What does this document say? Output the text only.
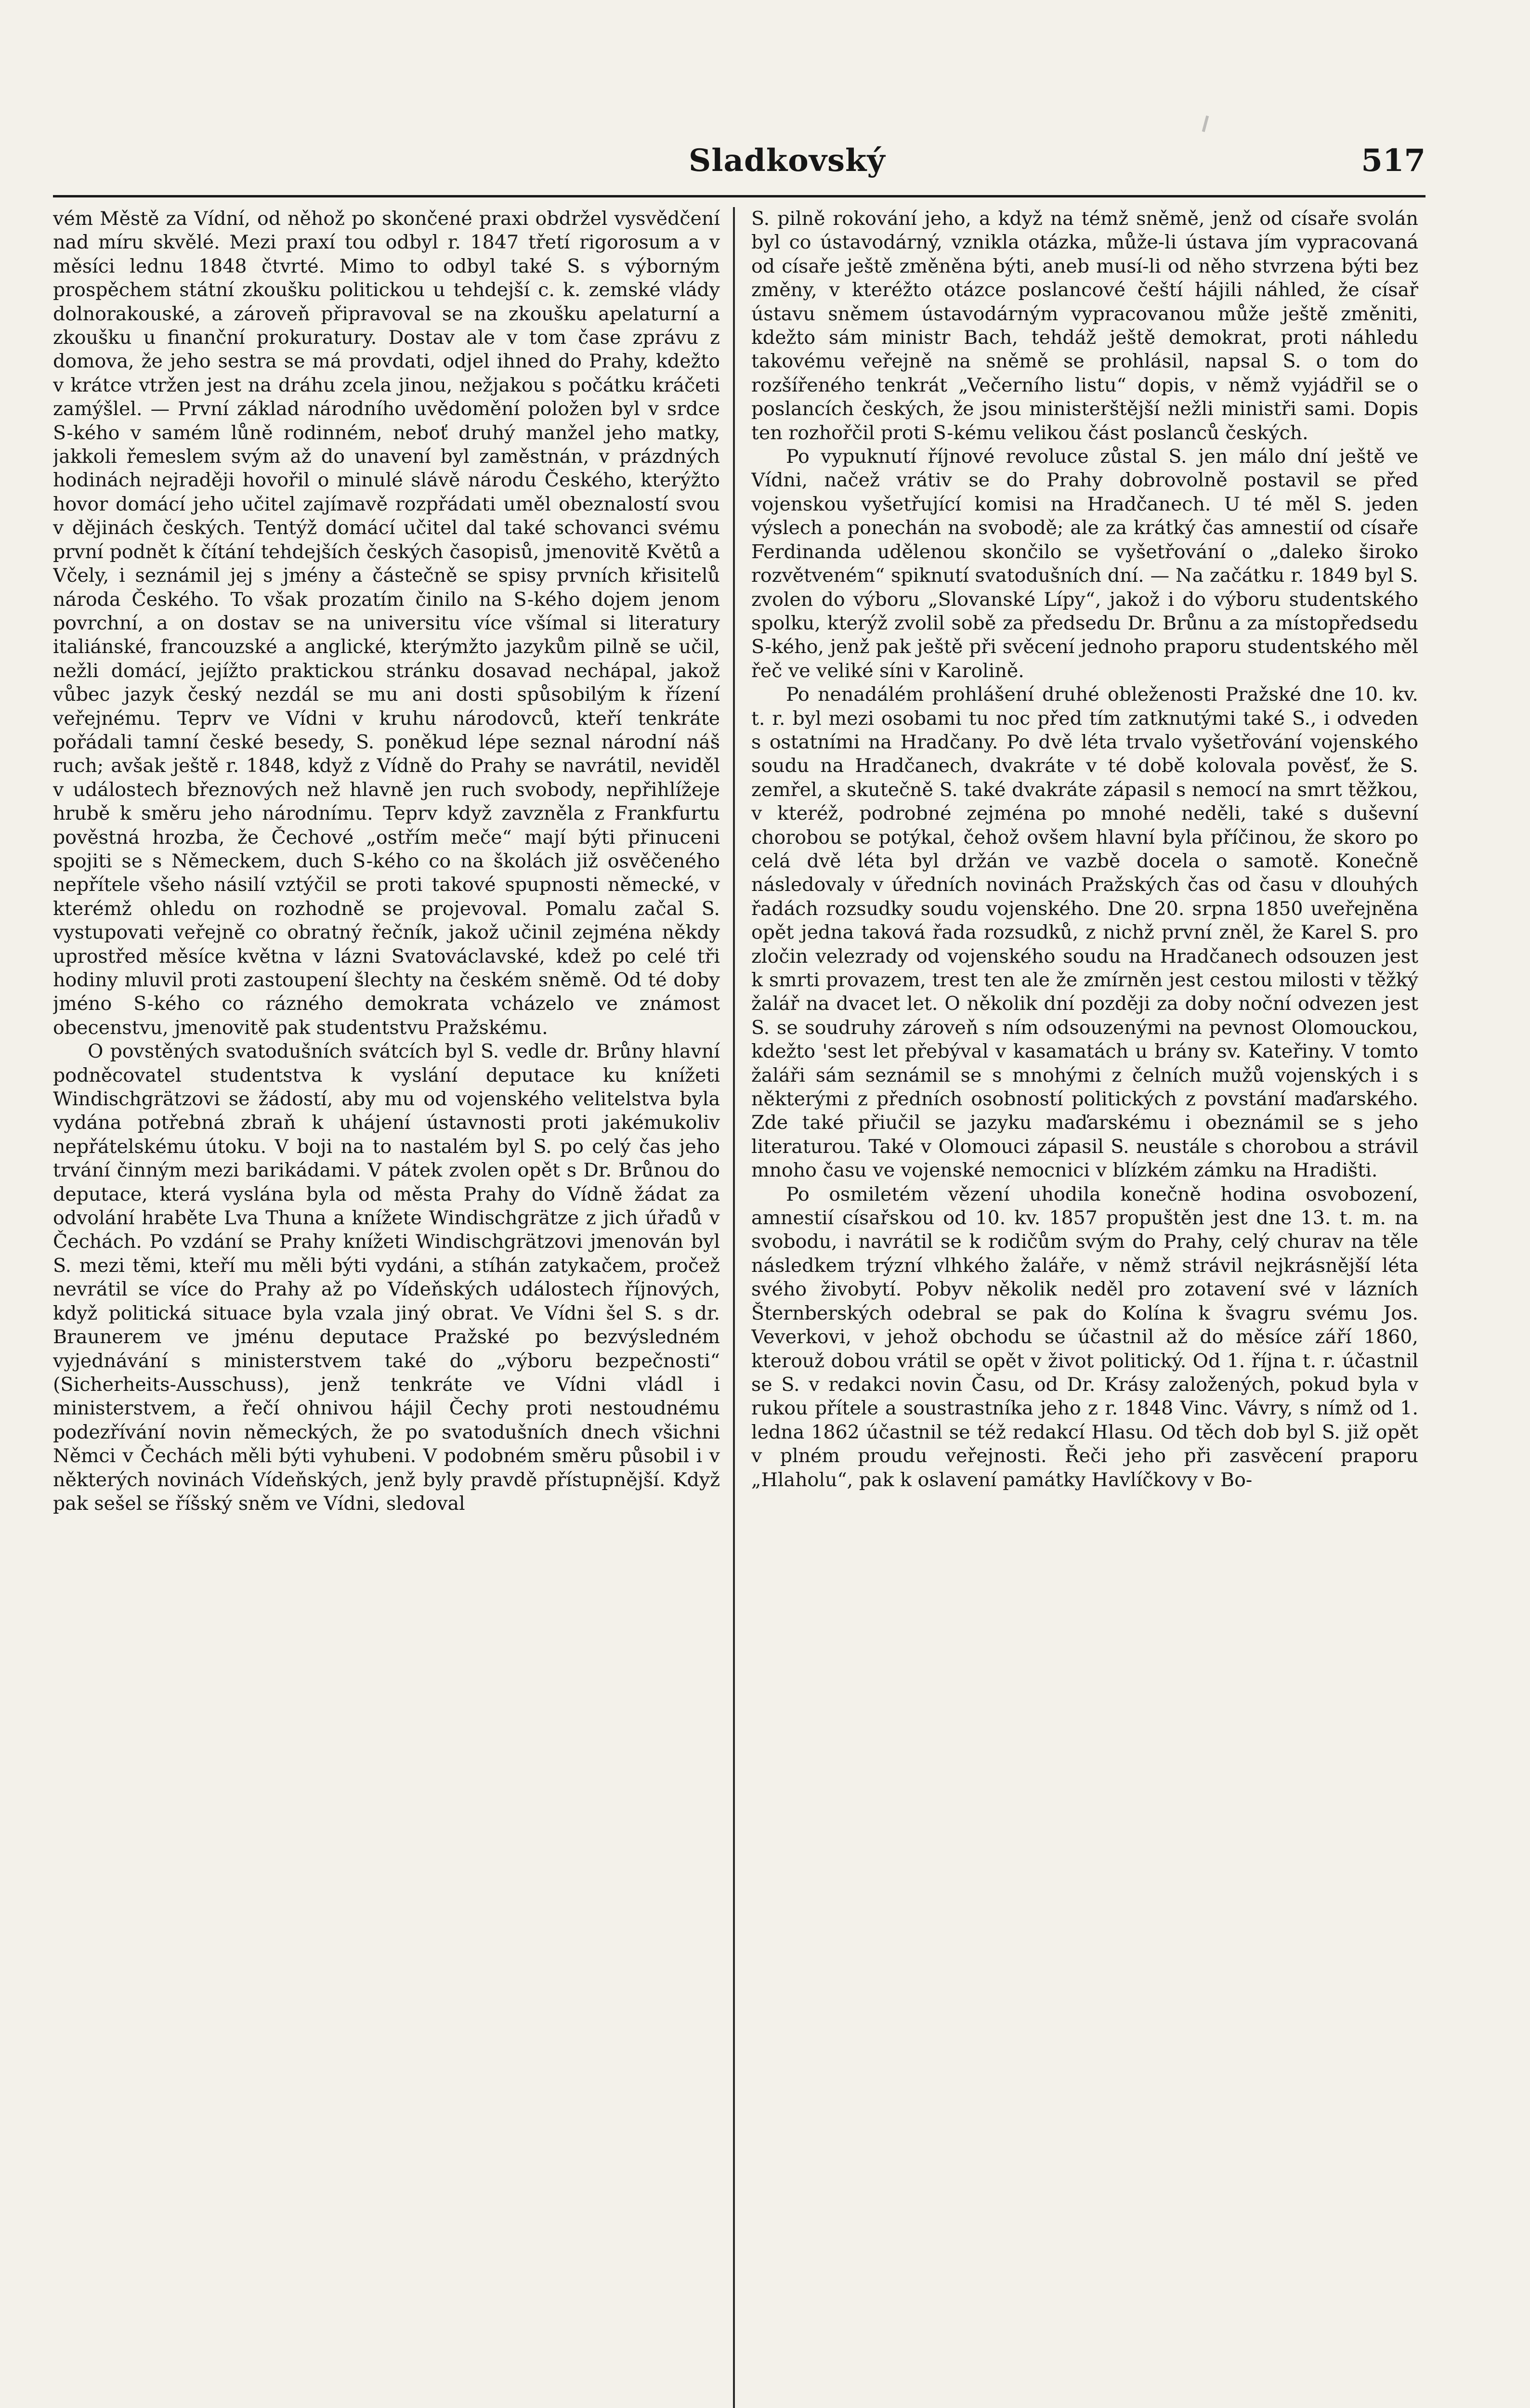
Sladkovský	517

vém Městě za Vídní, od něhož po skončené praxi obdržel vysvědčení nad míru skvělé. Mezi praxí tou odbyl r. 1847 třetí rigorosum a v měsíci lednu 1848 čtvrté. Mimo to odbyl také S. s výborným prospěchem státní zkoušku politickou u tehdejší c. k. zemské vlády dolnorakouské, a zároveň připravoval se na zkoušku apelaturní a zkoušku u finanční prokuratury. Dostav ale v tom čase zprávu z domova, že jeho sestra se má provdati, odjel ihned do Prahy, kdežto v krátce vtržen jest na dráhu zcela jinou, nežjakou s počátku kráčeti zamýšlel. — První základ národního uvědomění položen byl v srdce S-kého v samém lůně rodinném, neboť druhý manžel jeho matky, jakkoli řemeslem svým až do unavení byl zaměstnán, v prázdných hodinách nejraději hovořil o minulé slávě národu Českého, kterýžto hovor domácí jeho učitel zajímavě rozpřádati uměl obeznalostí svou v dějinách českých. Tentýž domácí učitel dal také schovanci svému první podnět k čítání tehdejších českých časopisů, jmenovitě Květů a Včely, i seznámil jej s jmény a částečně se spisy prvních křisitelů národa Českého. To však prozatím činilo na S-kého dojem jenom povrchní, a on dostav se na universitu více všímal si literatury italiánské, francouzské a anglické, kterýmžto jazykům pilně se učil, nežli domácí, jejížto praktickou stránku dosavad nechápal, jakož vůbec jazyk český nezdál se mu ani dosti spůsobilým k řízení veřejnému. Teprv ve Vídni v kruhu národovců, kteří tenkráte pořádali tamní české besedy, S. poněkud lépe seznal národní náš ruch; avšak ještě r. 1848, když z Vídně do Prahy se navrátil, neviděl v událostech březnových než hlavně jen ruch svobody, nepřihlížeje hrubě k směru jeho národnímu. Teprv když zavzněla z Frankfurtu pověstná hrozba, že Čechové „ostřím meče“ mají býti přinuceni spojiti se s Německem, duch S-kého co na školách již osvěčeného nepřítele všeho násilí vztýčil se proti takové spupnosti německé, v kterémž ohledu on rozhodně se projevoval. Pomalu začal S. vystupovati veřejně co obratný řečník, jakož učinil zejména někdy uprostřed měsíce května v lázni Svatováclavské, kdež po celé tři hodiny mluvil proti zastoupení šlechty na českém sněmě. Od té doby jméno S-kého co rázného demokrata vcházelo ve známost obecenstvu, jmenovitě pak studentstvu Pražskému.

O povstěných svatodušních svátcích byl S. vedle dr. Brůny hlavní podněcovatel studentstva k vyslání deputace ku knížeti Windischgrätzovi se žádostí, aby mu od vojenského velitelstva byla vydána potřebná zbraň k uhájení ústavnosti proti jakémukoliv nepřátelskému útoku. V boji na to nastalém byl S. po celý čas jeho trvání činným mezi barikádami. V pátek zvolen opět s Dr. Brůnou do deputace, která vyslána byla od města Prahy do Vídně žádat za odvolání hraběte Lva Thuna a knížete Windischgrätze z jich úřadů v Čechách. Po vzdání se Prahy knížeti Windischgrätzovi jmenován byl S. mezi těmi, kteří mu měli býti vydáni, a stíhán zatykačem, pročež nevrátil se více do Prahy až po Vídeňských událostech říjnových, když politická situace byla vzala jiný obrat. Ve Vídni šel S. s dr. Braunerem ve jménu deputace Pražské po bezvýsledném vyjednávání s ministerstvem také do „výboru bezpečnosti“ (Sicherheits-Ausschuss), jenž tenkráte ve Vídni vládl i ministerstvem, a řečí ohnivou hájil Čechy proti nestoudnému podezřívání novin německých, že po svatodušních dnech všichni Němci v Čechách měli býti vyhubeni. V podobném směru působil i v některých novinách Vídeňských, jenž byly pravdě přístupnější. Když pak sešel se říšský sněm ve Vídni, sledoval

S. pilně rokování jeho, a když na témž sněmě, jenž od císaře svolán byl co ústavodárný, vznikla otázka, může-li ústava jím vypracovaná od císaře ještě změněna býti, aneb musí-li od něho stvrzena býti bez změny, v kteréžto otázce poslancové čeští hájili náhled, že císař ústavu sněmem ústavodárným vypracovanou může ještě změniti, kdežto sám ministr Bach, tehdáž ještě demokrat, proti náhledu takovému veřejně na sněmě se prohlásil, napsal S. o tom do rozšířeného tenkrát „Večerního listu“ dopis, v němž vyjádřil se o poslancích českých, že jsou ministerštější nežli ministři sami. Dopis ten rozhořčil proti S-kému velikou část poslanců českých.

Po vypuknutí říjnové revoluce zůstal S. jen málo dní ještě ve Vídni, načež vrátiv se do Prahy dobrovolně postavil se před vojenskou vyšetřující komisi na Hradčanech. U té měl S. jeden výslech a ponechán na svobodě; ale za krátký čas amnestií od císaře Ferdinanda udělenou skončilo se vyšetřování o „daleko široko rozvětveném“ spiknutí svatodušních dní. — Na začátku r. 1849 byl S. zvolen do výboru „Slovanské Lípy“, jakož i do výboru studentského spolku, kterýž zvolil sobě za předsedu Dr. Brůnu a za místopředsedu S-kého, jenž pak ještě při svěcení jednoho praporu studentského měl řeč ve veliké síni v Karolině.

Po nenadálém prohlášení druhé obleženosti Pražské dne 10. kv. t. r. byl mezi osobami tu noc před tím zatknutými také S., i odveden s ostatními na Hradčany. Po dvě léta trvalo vyšetřování vojenského soudu na Hradčanech, dvakráte v té době kolovala pověsť, že S. zemřel, a skutečně S. také dvakráte zápasil s nemocí na smrt těžkou, v kteréž, podrobné zejména po mnohé neděli, také s duševní chorobou se potýkal, čehož ovšem hlavní byla příčinou, že skoro po celá dvě léta byl držán ve vazbě docela o samotě. Konečně následovaly v úředních novinách Pražských čas od času v dlouhých řadách rozsudky soudu vojenského. Dne 20. srpna 1850 uveřejněna opět jedna taková řada rozsudků, z nichž první zněl, že Karel S. pro zločin velezrady od vojenského soudu na Hradčanech odsouzen jest k smrti provazem, trest ten ale že zmírněn jest cestou milosti v těžký žalář na dvacet let. O několik dní později za doby noční odvezen jest S. se soudruhy zároveň s ním odsouzenými na pevnost Olomouckou, kdežto 'sest let přebýval v kasamatách u brány sv. Kateřiny. V tomto žaláři sám seznámil se s mnohými z čelních mužů vojenských i s některými z předních osobností politických z povstání maďarského. Zde také přiučil se jazyku maďarskému i obeznámil se s jeho literaturou. Také v Olomouci zápasil S. neustále s chorobou a strávil mnoho času ve vojenské nemocnici v blízkém zámku na Hradišti.

Po osmiletém vězení uhodila konečně hodina osvobození, amnestií císařskou od 10. kv. 1857 propuštěn jest dne 13. t. m. na svobodu, i navrátil se k rodičům svým do Prahy, celý churav na těle následkem trýzní vlhkého žaláře, v němž strávil nejkrásnější léta svého živobytí. Pobyv několik neděl pro zotavení své v lázních Šternberských odebral se pak do Kolína k švagru svému Jos. Veverkovi, v jehož obchodu se účastnil až do měsíce září 1860, kterouž dobou vrátil se opět v život politický. Od 1. října t. r. účastnil se S. v redakci novin Času, od Dr. Krásy založených, pokud byla v rukou přítele a soustrastníka jeho z r. 1848 Vinc. Vávry, s nímž od 1. ledna 1862 účastnil se též redakcí Hlasu. Od těch dob byl S. již opět v plném proudu veřejnosti. Řeči jeho při zasvěcení praporu „Hlaholu“, pak k oslavení památky Havlíčkovy v Bo-
